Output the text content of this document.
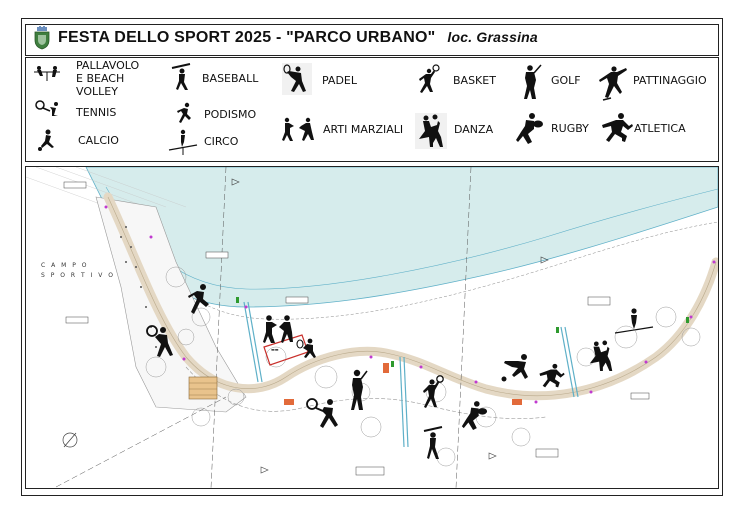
FESTA DELLO SPORT 2025 - "PARCO URBANO" loc. Grassina
PALLAVOLO
E BEACH
VOLLEY
TENNIS
CALCIO
BASEBALL
PODISMO
CIRCO
PADEL
ARTI MARZIALI
BASKET
DANZA
GOLF
RUGBY
PATTINAGGIO
ATLETICA
▬▬
C A M P O
S P O R T I V O
